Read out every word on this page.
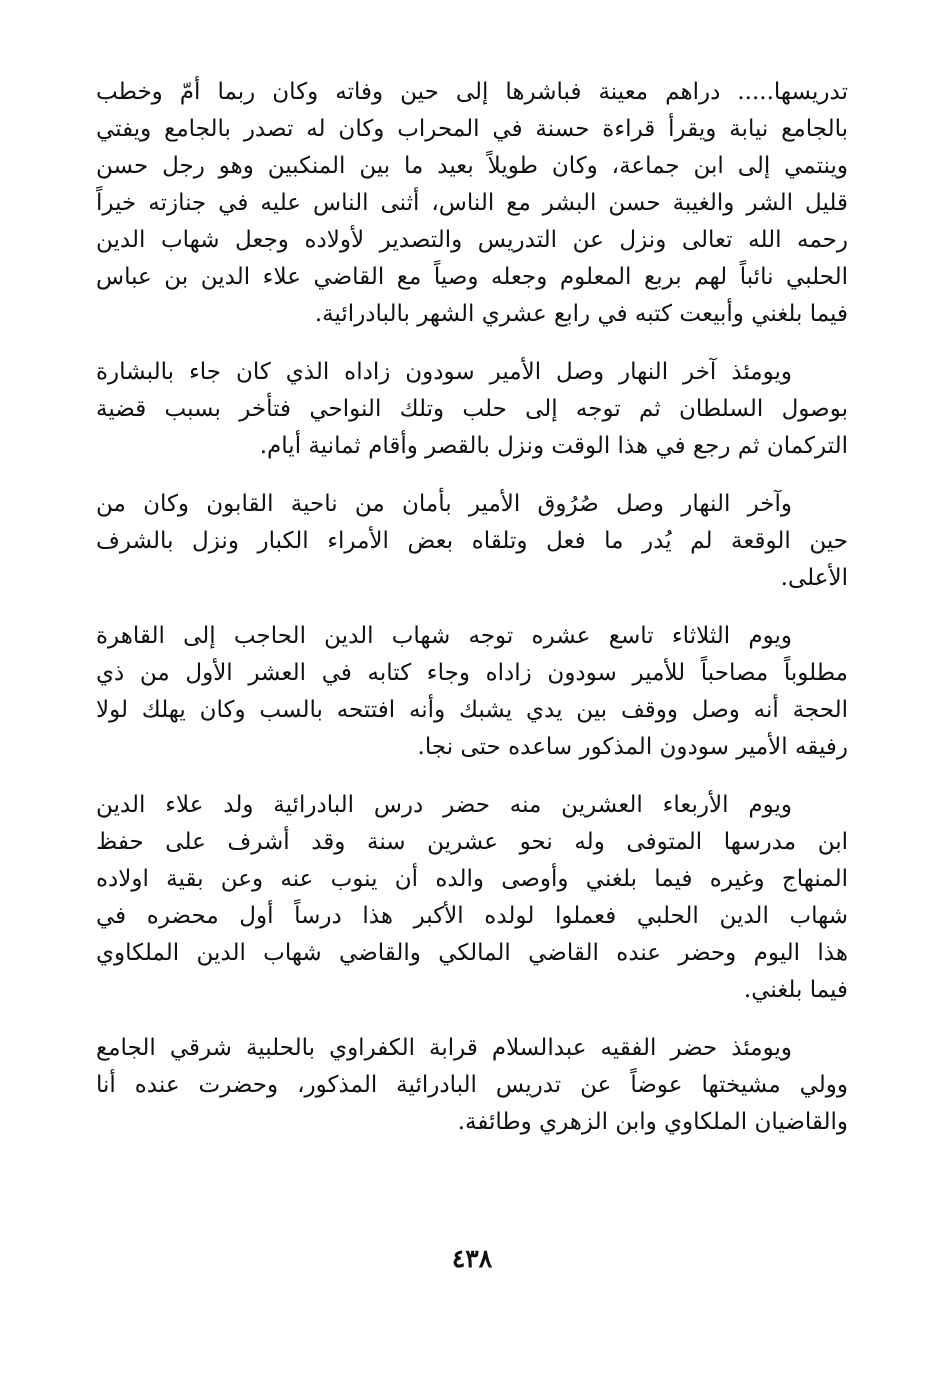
تدريسها..... دراهم معينة فباشرها إلى حين وفاته وكان ربما أمّ وخطب
بالجامع نيابة ويقرأ قراءة حسنة في المحراب وكان له تصدر بالجامع ويفتي
وينتمي إلى ابن جماعة، وكان طويلاً بعيد ما بين المنكبين وهو رجل حسن
قليل الشر والغيبة حسن البشر مع الناس، أثنى الناس عليه في جنازته خيراً
رحمه الله تعالى ونزل عن التدريس والتصدير لأولاده وجعل شهاب الدين
الحلبي نائباً لهم بربع المعلوم وجعله وصياً مع القاضي علاء الدين بن عباس
فيما بلغني وأبيعت كتبه في رابع عشري الشهر بالبادرائية.

ويومئذ آخر النهار وصل الأمير سودون زاداه الذي كان جاء بالبشارة
بوصول السلطان ثم توجه إلى حلب وتلك النواحي فتأخر بسبب قضية
التركمان ثم رجع في هذا الوقت ونزل بالقصر وأقام ثمانية أيام.

وآخر النهار وصل صُرُوق الأمير بأمان من ناحية القابون وكان من
حين الوقعة لم يُدر ما فعل وتلقاه بعض الأمراء الكبار ونزل بالشرف
الأعلى.

ويوم الثلاثاء تاسع عشره توجه شهاب الدين الحاجب إلى القاهرة
مطلوباً مصاحباً للأمير سودون زاداه وجاء كتابه في العشر الأول من ذي
الحجة أنه وصل ووقف بين يدي يشبك وأنه افتتحه بالسب وكان يهلك لولا
رفيقه الأمير سودون المذكور ساعده حتى نجا.

ويوم الأربعاء العشرين منه حضر درس البادرائية ولد علاء الدين
ابن مدرسها المتوفى وله نحو عشرين سنة وقد أشرف على حفظ
المنهاج وغيره فيما بلغني وأوصى والده أن ينوب عنه وعن بقية اولاده
شهاب الدين الحلبي فعملوا لولده الأكبر هذا درساً أول محضره في
هذا اليوم وحضر عنده القاضي المالكي والقاضي شهاب الدين الملكاوي
فيما بلغني.

ويومئذ حضر الفقيه عبدالسلام قرابة الكفراوي بالحلبية شرقي الجامع
وولي مشيختها عوضاً عن تدريس البادرائية المذكور، وحضرت عنده أنا
والقاضيان الملكاوي وابن الزهري وطائفة.

٤٣٨
